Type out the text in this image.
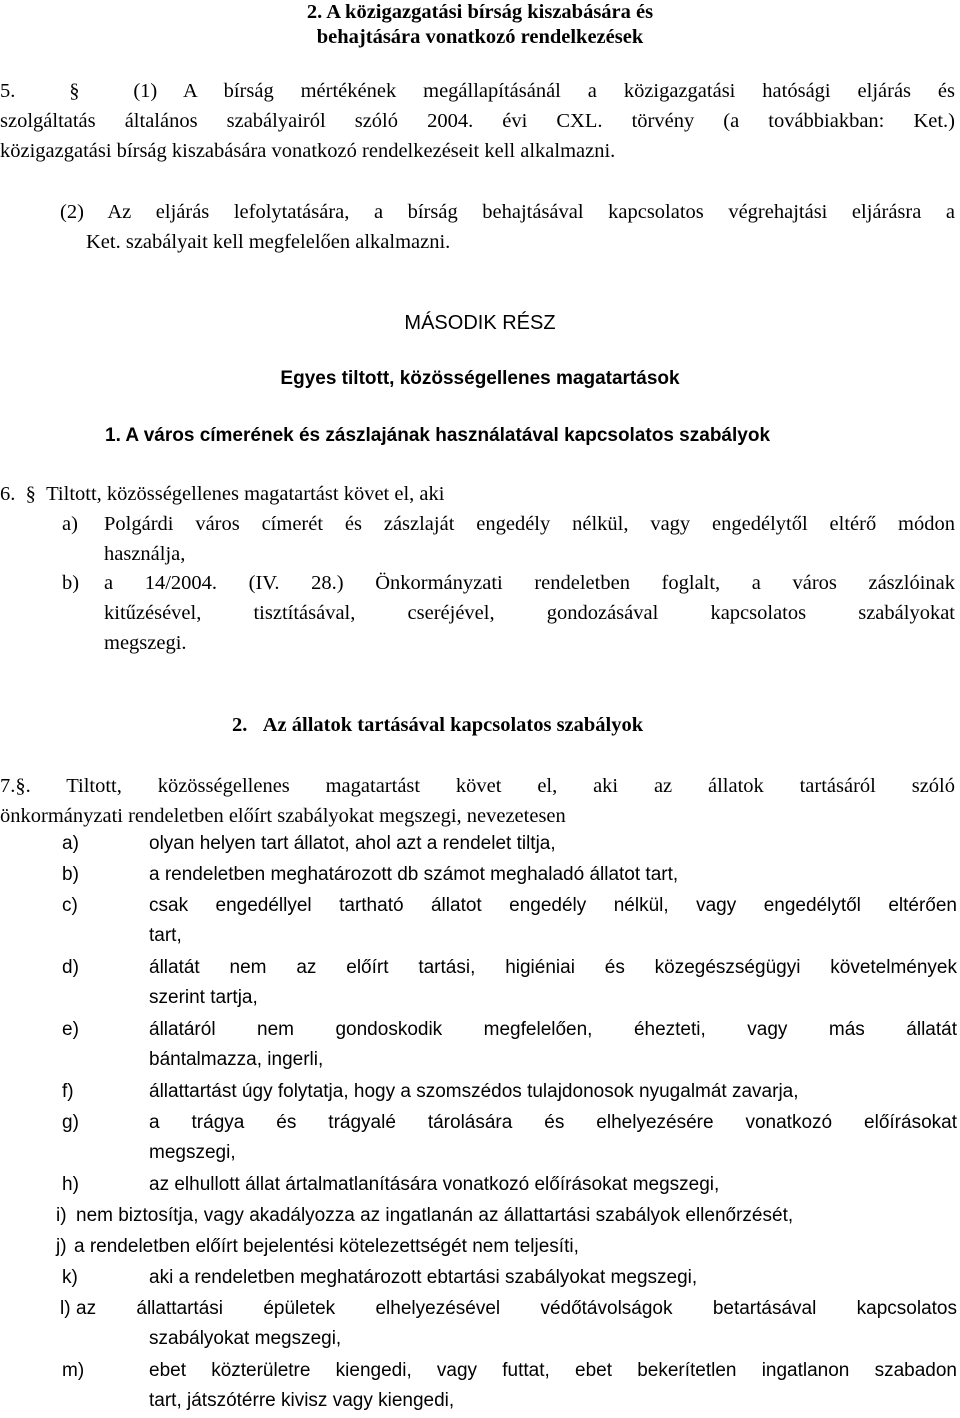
2. A közigazgatási bírság kiszabására és
behajtására vonatkozó rendelkezések
5.	§	(1) A bírság mértékének megállapításánál a közigazgatási hatósági eljárás és
szolgáltatás általános szabályairól szóló 2004. évi CXL. törvény (a továbbiakban: Ket.)
közigazgatási bírság kiszabására vonatkozó rendelkezéseit kell alkalmazni.
(2) Az eljárás lefolytatására, a bírság behajtásával kapcsolatos végrehajtási eljárásra a
Ket. szabályait kell megfelelően alkalmazni.
MÁSODIK RÉSZ
Egyes tiltott, közösségellenes magatartások
1. A város címerének és zászlajának használatával kapcsolatos szabályok
6. § Tiltott, közösségellenes magatartást követ el, aki
a) Polgárdi város címerét és zászlaját engedély nélkül, vagy engedélytől eltérő módon
használja,
b) a 14/2004. (IV. 28.) Önkormányzati rendeletben foglalt, a város zászlóinak
kitűzésével, tisztításával, cseréjével, gondozásával kapcsolatos szabályokat
megszegi.
2. Az állatok tartásával kapcsolatos szabályok
7.§. Tiltott, közösségellenes magatartást követ el, aki az állatok tartásáról szóló
önkormányzati rendeletben előírt szabályokat megszegi, nevezetesen
a)	olyan helyen tart állatot, ahol azt a rendelet tiltja,
b)	a rendeletben meghatározott db számot meghaladó állatot tart,
c)	csak engedéllyel tartható állatot engedély nélkül, vagy engedélytől eltérően
tart,
d)	állatát nem az előírt tartási, higiéniai és közegészségügyi követelmények
szerint tartja,
e)	állatáról nem gondoskodik megfelelően, éhezteti, vagy más állatát
bántalmazza, ingerli,
f)	állattartást úgy folytatja, hogy a szomszédos tulajdonosok nyugalmát zavarja,
g)	a trágya és trágyalé tárolására és elhelyezésére vonatkozó előírásokat
megszegi,
h)	az elhullott állat ártalmatlanítására vonatkozó előírásokat megszegi,
i) nem biztosítja, vagy akadályozza az ingatlanán az állattartási szabályok ellenőrzését,
j) a rendeletben előírt bejelentési kötelezettségét nem teljesíti,
k)	aki a rendeletben meghatározott ebtartási szabályokat megszegi,
l) az állattartási épületek elhelyezésével védőtávolságok betartásával kapcsolatos
szabályokat megszegi,
m)	ebet közterületre kiengedi, vagy futtat, ebet bekerítetlen ingatlanon szabadon
tart, játszótérre kivisz vagy kiengedi,
